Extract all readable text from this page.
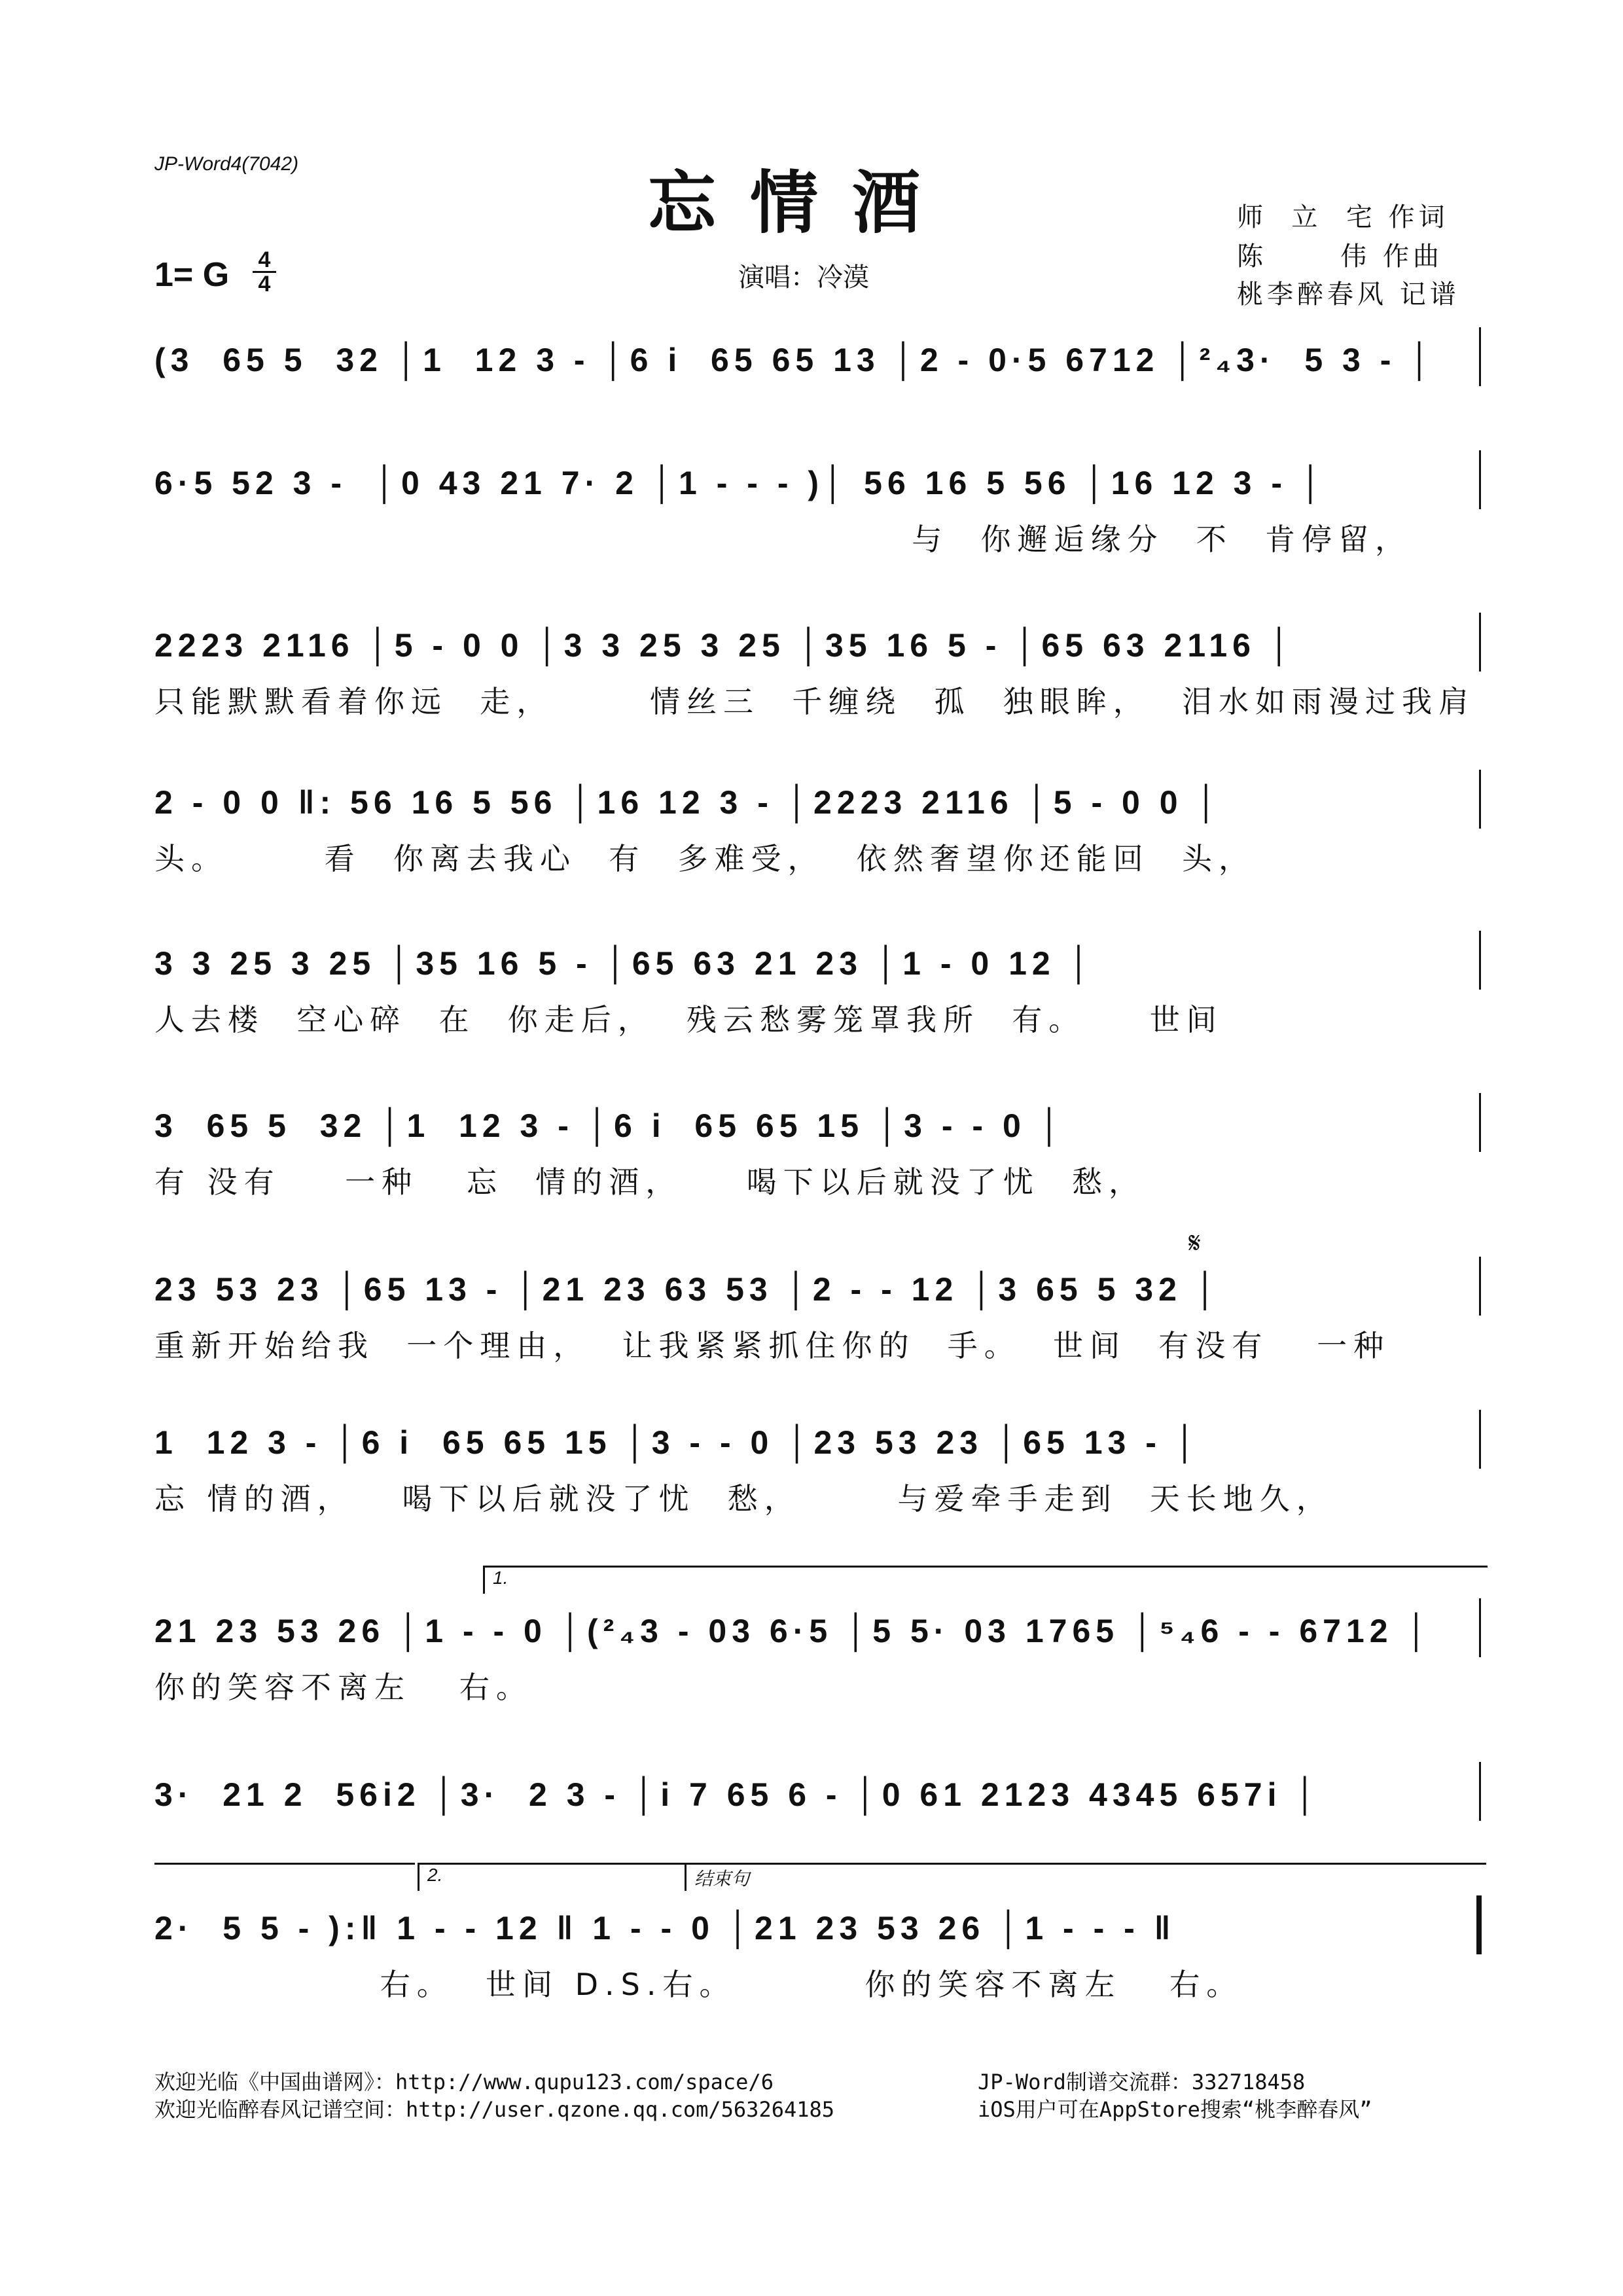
JP-Word4(7042)	忘情酒	师  立  宅 作词
陈      伟 作曲
桃李醉春风 记谱
1= G 4
4	演唱：冷漠
(3  65 5  32 │1  12 3 - │6 i  65 65 13 │2 - 0·5 6712 │²₄3·  5 3 - │
6·5 52 3 -  │0 43 21 7· 2 │1 - - - )│ 56 16 5 56 │16 12 3 - │
与  你邂逅缘分  不  肯停留，
2223 2116 │5 - 0 0 │3 3 25 3 25 │35 16 5 - │65 63 2116 │
只能默默看着你远  走，      情丝三  千缠绕  孤  独眼眸，  泪水如雨漫过我肩
2 - 0 0 ‖: 56 16 5 56 │16 12 3 - │2223 2116 │5 - 0 0 │
头。      看  你离去我心  有  多难受，  依然奢望你还能回  头，
3 3 25 3 25 │35 16 5 - │65 63 21 23 │1 - 0 12 │
人去楼  空心碎  在  你走后，  残云愁雾笼罩我所  有。    世间
3  65 5  32 │1  12 3 - │6 i  65 65 15 │3 - - 0 │
有 没有    一种   忘  情的酒，    喝下以后就没了忧  愁，
𝄋
23 53 23 │65 13 - │21 23 63 53 │2 - - 12 │3 65 5 32 │
重新开始给我  一个理由，  让我紧紧抓住你的  手。  世间  有没有   一种
1  12 3 - │6 i  65 65 15 │3 - - 0 │23 53 23 │65 13 - │
忘 情的酒，   喝下以后就没了忧  愁，      与爱牵手走到  天长地久，
1.
21 23 53 26 │1 - - 0 │(²₄3 - 03 6·5 │5 5· 03 1765 │⁵₄6 - - 6712 │
你的笑容不离左   右。
3·  21 2  56i2 │3·  2 3 - │i 7 65 6 - │0 61 2123 4345 657i │
2.	结束句
2·  5 5 - ):‖ 1 - - 12 ‖ 1 - - 0 │21 23 53 26 │1 - - - ‖
右。  世间 D.S.右。        你的笑容不离左   右。
欢迎光临《中国曲谱网》：http://www.qupu123.com/space/6
欢迎光临醉春风记谱空间：http://user.qzone.qq.com/563264185
JP-Word制谱交流群：332718458
iOS用户可在AppStore搜索“桃李醉春风”
